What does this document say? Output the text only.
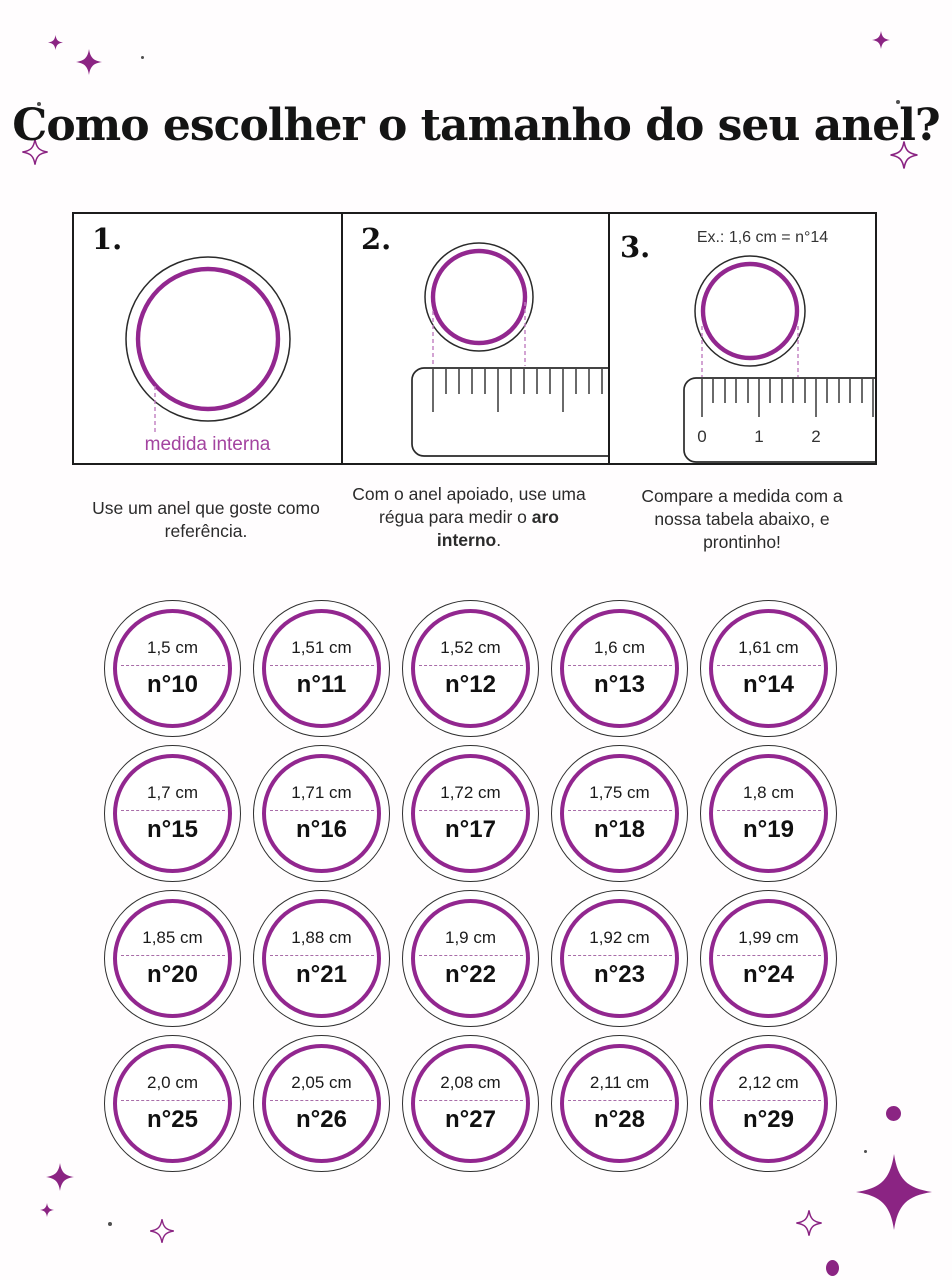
Como escolher o tamanho do seu anel?
1.
medida interna
2.	3.	Ex.: 1,6 cm = n°14
0	1	2
Use um anel que goste como referência.
Com o anel apoiado, use uma régua para medir o aro interno.
Compare a medida com a nossa tabela abaixo, e prontinho!
1,5 cm
n°10
1,51 cm
n°11
1,52 cm
n°12
1,6 cm
n°13
1,61 cm
n°14
1,7 cm
n°15
1,71 cm
n°16
1,72 cm
n°17
1,75 cm
n°18
1,8 cm
n°19
1,85 cm
n°20
1,88 cm
n°21
1,9 cm
n°22
1,92 cm
n°23
1,99 cm
n°24
2,0 cm
n°25
2,05 cm
n°26
2,08 cm
n°27
2,11 cm
n°28
2,12 cm
n°29
